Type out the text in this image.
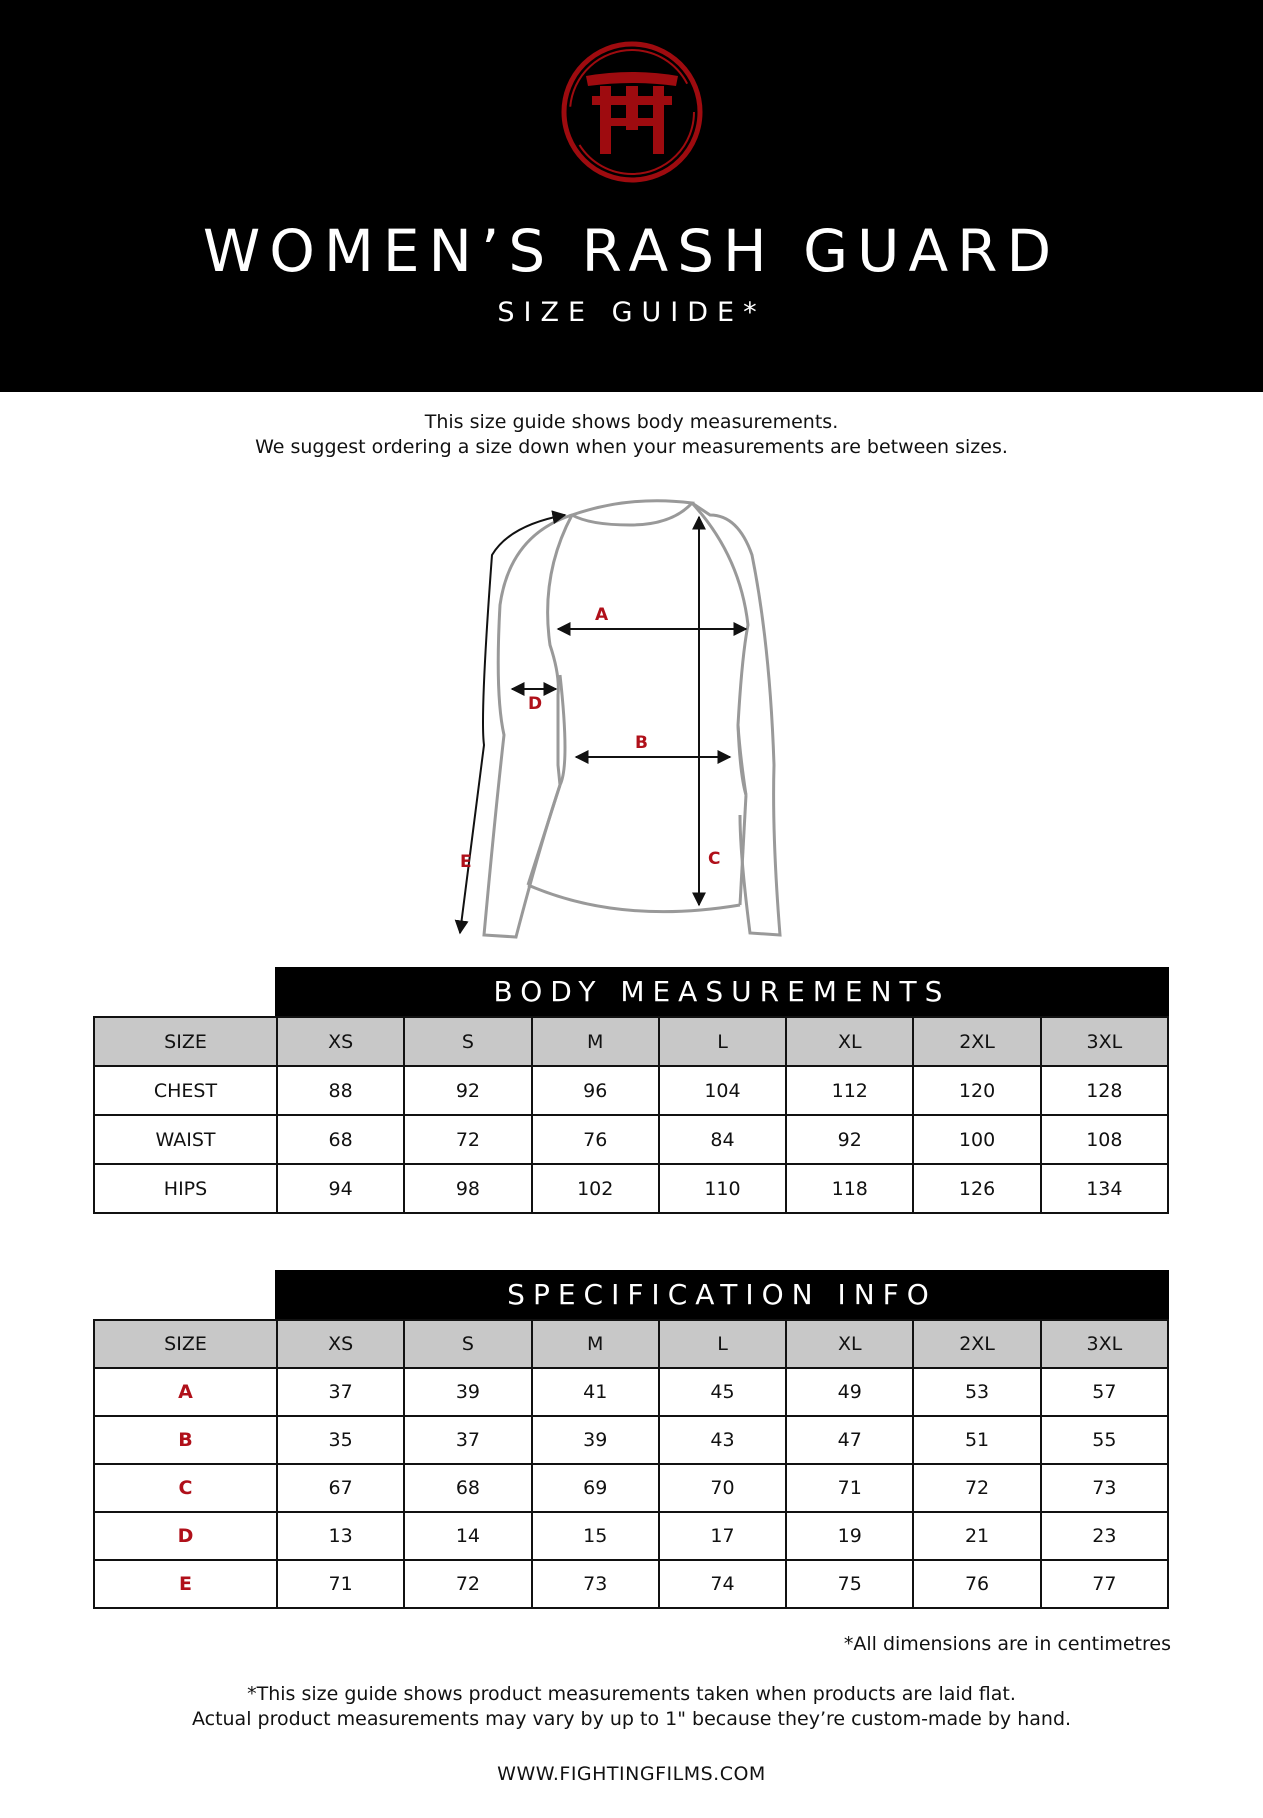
WOMEN’S RASH GUARD
SIZE GUIDE*
This size guide shows body measurements.
We suggest ordering a size down when your measurements are between sizes.
A
B
C
D
E
BODY MEASUREMENTS
SIZE	XS	S	M	L	XL	2XL	3XL
CHEST	88	92	96	104	112	120	128
WAIST	68	72	76	84	92	100	108
HIPS	94	98	102	110	118	126	134
SPECIFICATION INFO
SIZE	XS	S	M	L	XL	2XL	3XL
A	37	39	41	45	49	53	57
B	35	37	39	43	47	51	55
C	67	68	69	70	71	72	73
D	13	14	15	17	19	21	23
E	71	72	73	74	75	76	77
*All dimensions are in centimetres
*This size guide shows product measurements taken when products are laid flat.
Actual product measurements may vary by up to 1" because they’re custom-made by hand.
WWW.FIGHTINGFILMS.COM
